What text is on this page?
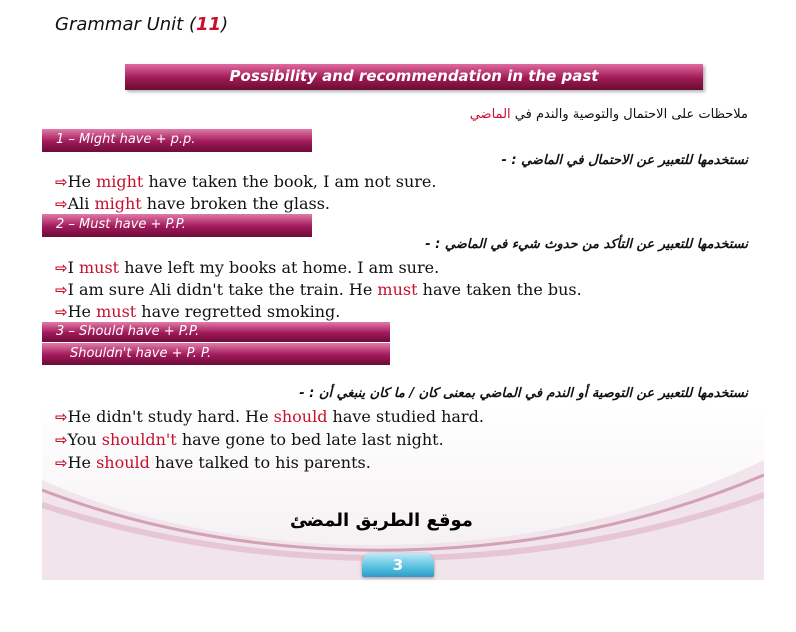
Grammar Unit (11)
Possibility and recommendation in the past
ملاحظات على الاحتمال والتوصية والندم في الماضي
1 – Might have + p.p.
نستخدمها للتعبير عن الاحتمال في الماضي : -
⇨He might have taken the book, I am not sure.
⇨Ali might have broken the glass.
2 – Must have + P.P.
نستخدمها للتعبير عن التأكد من حدوث شيء في الماضي : -
⇨I must have left my books at home. I am sure.
⇨I am sure Ali didn't take the train. He must have taken the bus.
⇨He must have regretted smoking.
3 – Should have + P.P.
Shouldn't have + P. P.
نستخدمها للتعبير عن التوصية أو الندم في الماضي بمعنى كان / ما كان ينبغي أن : -
⇨He didn't study hard. He should have studied hard.
⇨You shouldn't have gone to bed late last night.
⇨He should have talked to his parents.
موقع الطريق المضئ
3
